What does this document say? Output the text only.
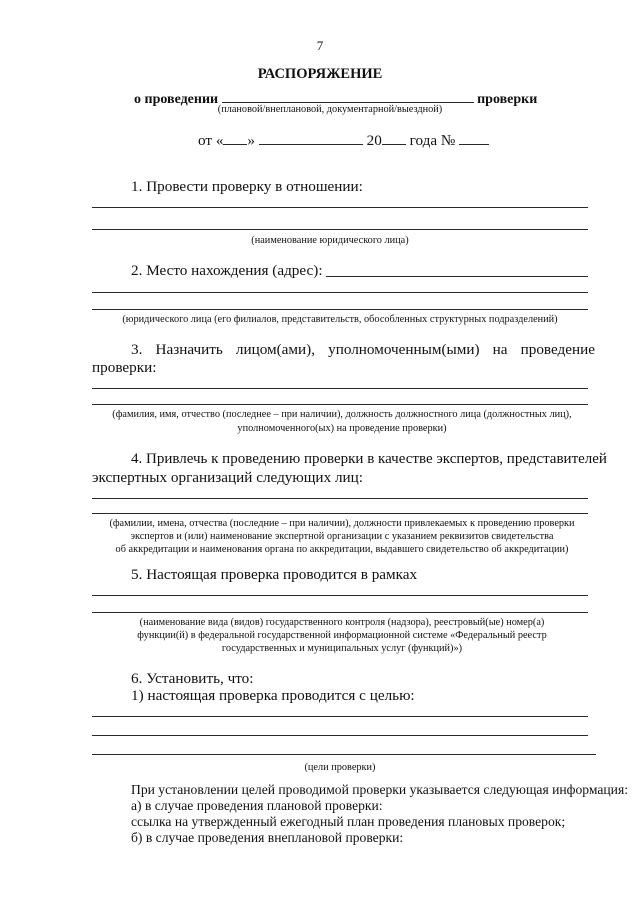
7
РАСПОРЯЖЕНИЕ
о проведении	проверки
(плановой/внеплановой, документарной/выездной)
от « »	20 года №
1. Провести проверку в отношении:
(наименование юридического лица)
2. Место нахождения (адрес):
(юридического лица (его филиалов, представительств, обособленных структурных подразделений)
3. Назначить лицом(ами), уполномоченным(ыми) на проведение
проверки:
(фамилия, имя, отчество (последнее – при наличии), должность должностного лица (должностных лиц),
уполномоченного(ых) на проведение проверки)
4. Привлечь к проведению проверки в качестве экспертов, представителей
экспертных организаций следующих лиц:
(фамилии, имена, отчества (последние – при наличии), должности привлекаемых к проведению проверки
экспертов и (или) наименование экспертной организации с указанием реквизитов свидетельства
об аккредитации и наименования органа по аккредитации, выдавшего свидетельство об аккредитации)
5. Настоящая проверка проводится в рамках
(наименование вида (видов) государственного контроля (надзора), реестровый(ые) номер(а)
функции(й) в федеральной государственной информационной системе «Федеральный реестр
государственных и муниципальных услуг (функций)»)
6. Установить, что:
1) настоящая проверка проводится с целью:
(цели проверки)
При установлении целей проводимой проверки указывается следующая информация:
а) в случае проведения плановой проверки:
ссылка на утвержденный ежегодный план проведения плановых проверок;
б) в случае проведения внеплановой проверки:
